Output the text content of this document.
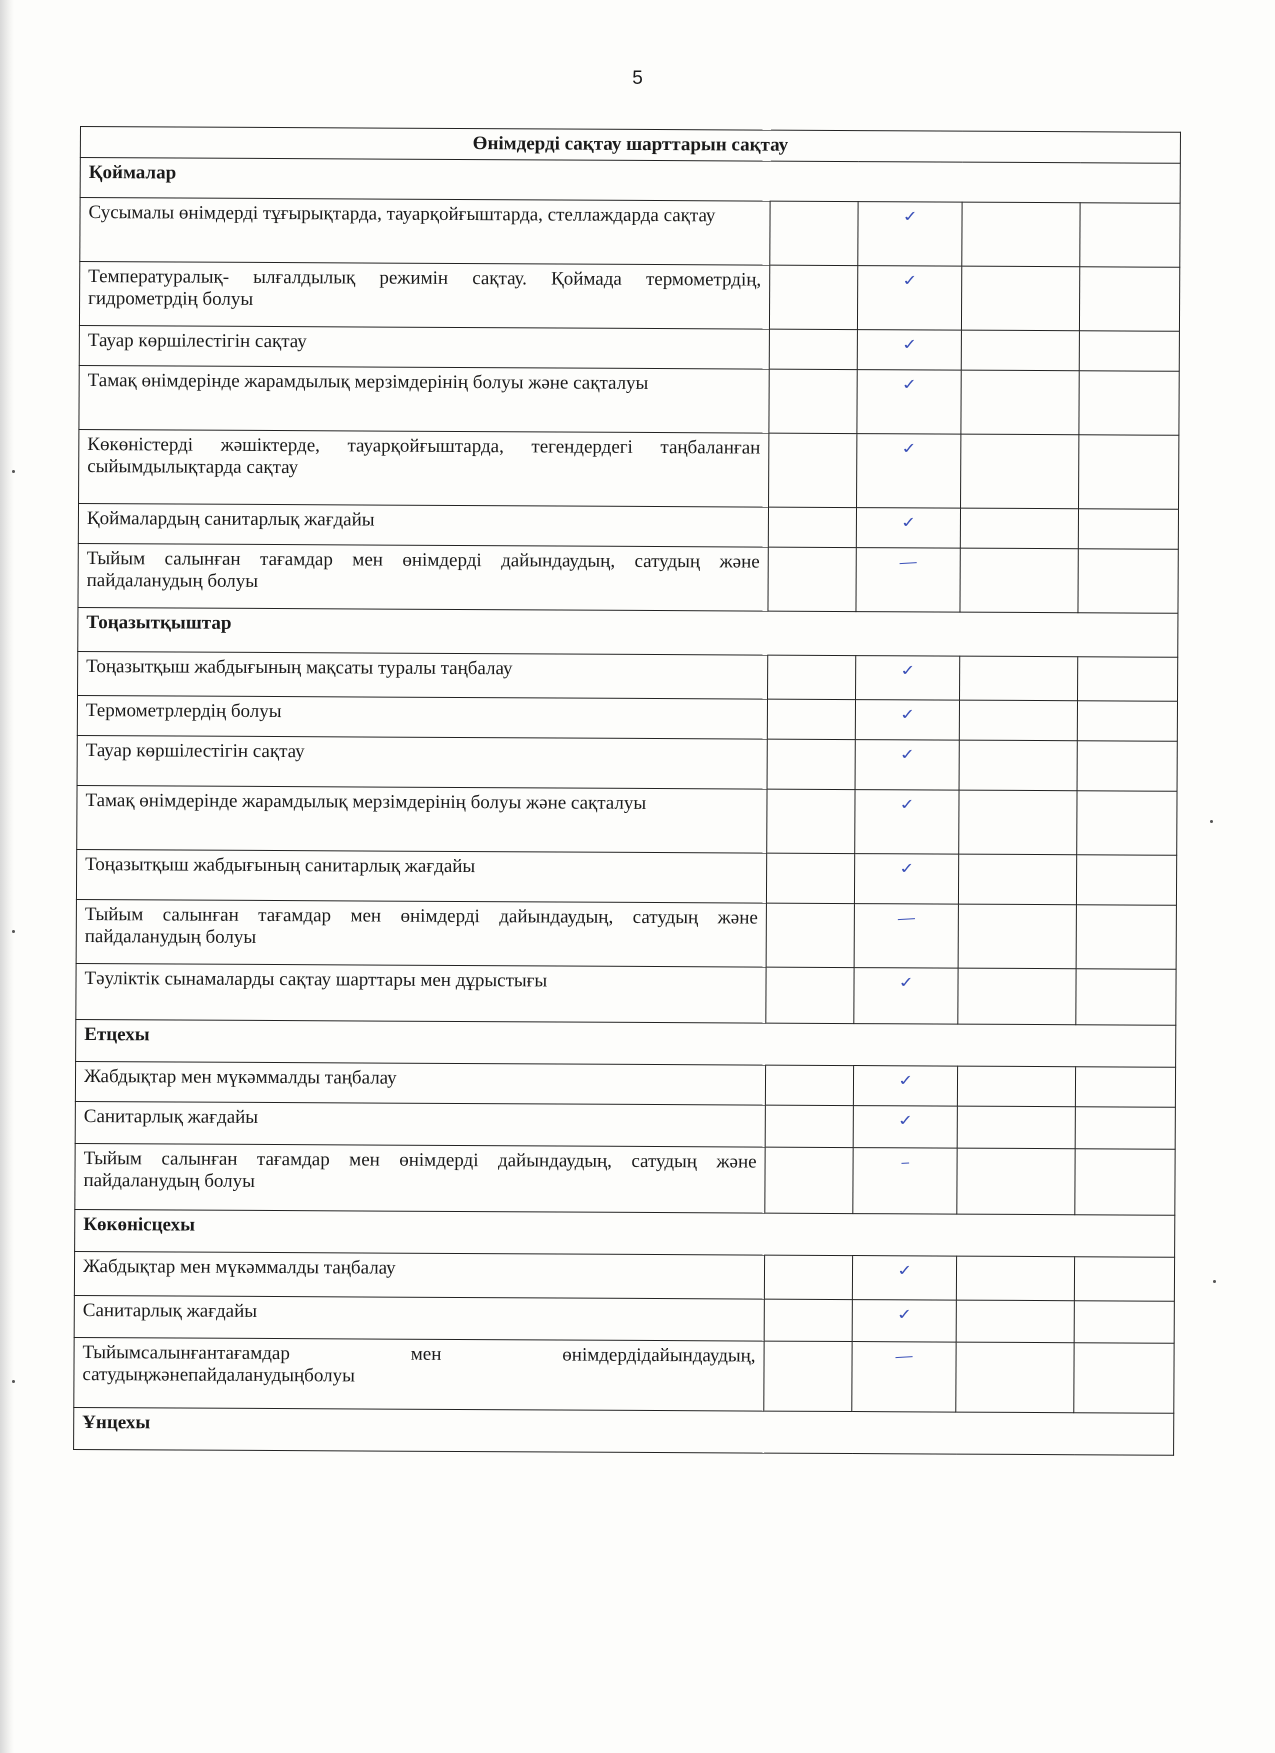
5
Өнімдерді сақтау шарттарын сақтау				
Қоймалар				
Сусымалы өнімдерді тұғырықтарда, тауарқойғыштарда, стеллаждарда сақтау		✓		
Температуралық- ылғалдылық режимін сақтау. Қоймада термометрдің, гидрометрдің болуы		✓		
Тауар көршілестігін сақтау		✓		
Тамақ өнімдерінде жарамдылық мерзімдерінің болуы және сақталуы		✓		
Көкөністерді жәшіктерде, тауарқойғыштарда, тегендердегі таңбаланған сыйымдылықтарда сақтау		✓		
Қоймалардың санитарлық жағдайы		✓		
Тыйым салынған тағамдар мен өнімдерді дайындаудың, сатудың және пайдаланудың болуы		—		
Тоңазытқыштар				
Тоңазытқыш жабдығының мақсаты туралы таңбалау		✓		
Термометрлердің болуы		✓		
Тауар көршілестігін сақтау		✓		
Тамақ өнімдерінде жарамдылық мерзімдерінің болуы және сақталуы		✓		
Тоңазытқыш жабдығының санитарлық жағдайы		✓		
Тыйым салынған тағамдар мен өнімдерді дайындаудың, сатудың және пайдаланудың болуы		—		
Тәуліктік сынамаларды сақтау шарттары мен дұрыстығы		✓		
Етцехы				
Жабдықтар мен мүкәммалды таңбалау		✓		
Санитарлық жағдайы		✓		
Тыйым салынған тағамдар мен өнімдерді дайындаудың, сатудың және пайдаланудың болуы		–		
Көкөнісцехы				
Жабдықтар мен мүкәммалды таңбалау		✓		
Санитарлық жағдайы		✓		
Тыйымсалынғантағамдар мен өнімдердідайындаудың, сатудыңжәнепайдаланудыңболуы		—		
Ұнцехы				
